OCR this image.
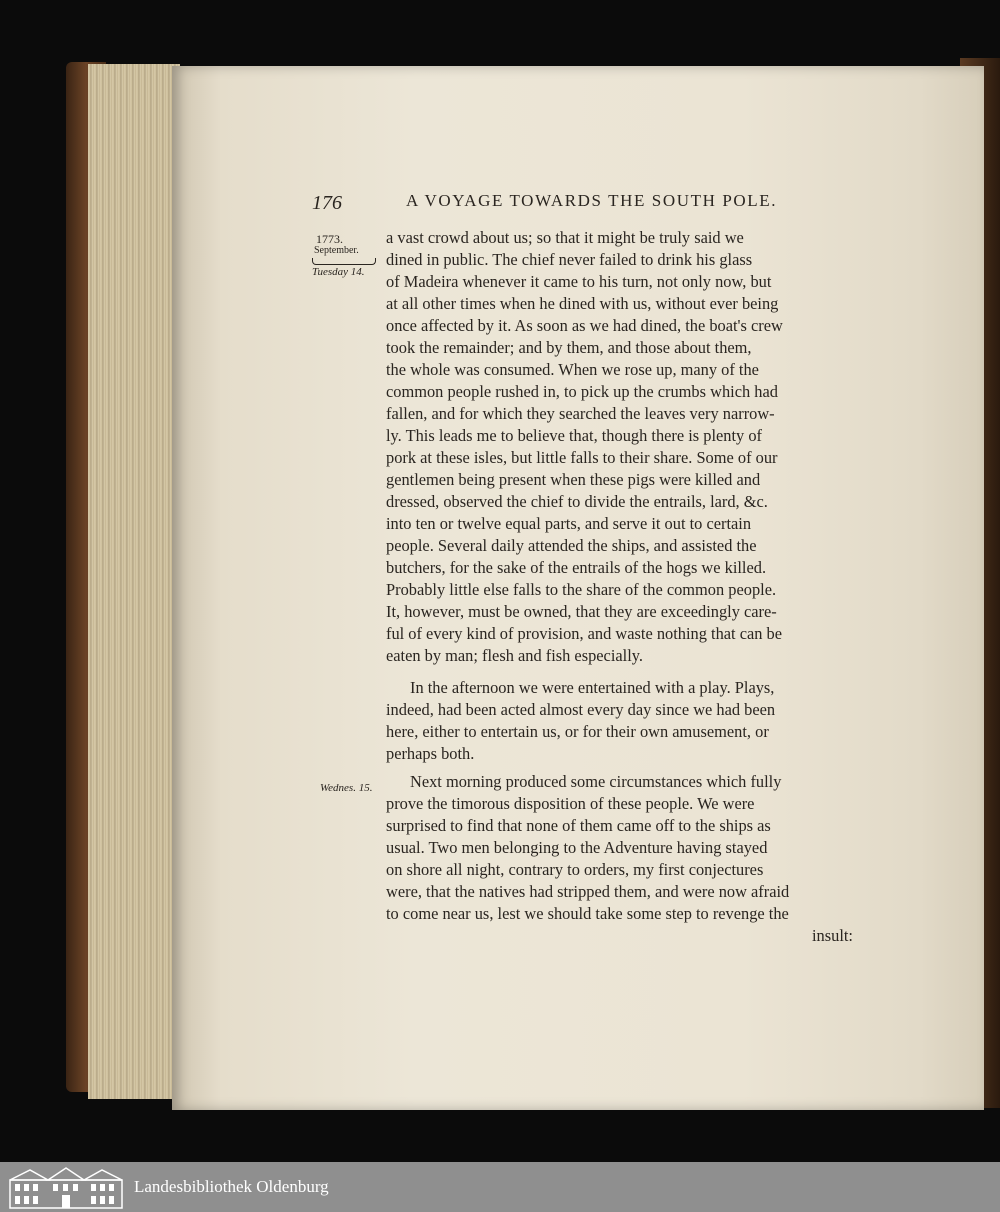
176	A VOYAGE TOWARDS THE SOUTH POLE.
1773.
September.
Tuesday 14.
Wednes. 15.
a vast crowd about us; so that it might be truly said we
dined in public. The chief never failed to drink his glass
of Madeira whenever it came to his turn, not only now, but
at all other times when he dined with us, without ever being
once affected by it. As soon as we had dined, the boat's crew
took the remainder; and by them, and those about them,
the whole was consumed. When we rose up, many of the
common people rushed in, to pick up the crumbs which had
fallen, and for which they searched the leaves very narrow-
ly. This leads me to believe that, though there is plenty of
pork at these isles, but little falls to their share. Some of our
gentlemen being present when these pigs were killed and
dressed, observed the chief to divide the entrails, lard, &c.
into ten or twelve equal parts, and serve it out to certain
people. Several daily attended the ships, and assisted the
butchers, for the sake of the entrails of the hogs we killed.
Probably little else falls to the share of the common people.
It, however, must be owned, that they are exceedingly care-
ful of every kind of provision, and waste nothing that can be
eaten by man; flesh and fish especially.
In the afternoon we were entertained with a play. Plays,
indeed, had been acted almost every day since we had been
here, either to entertain us, or for their own amusement, or
perhaps both.
Next morning produced some circumstances which fully
prove the timorous disposition of these people. We were
surprised to find that none of them came off to the ships as
usual. Two men belonging to the Adventure having stayed
on shore all night, contrary to orders, my first conjectures
were, that the natives had stripped them, and were now afraid
to come near us, lest we should take some step to revenge the
insult:
Landesbibliothek Oldenburg
